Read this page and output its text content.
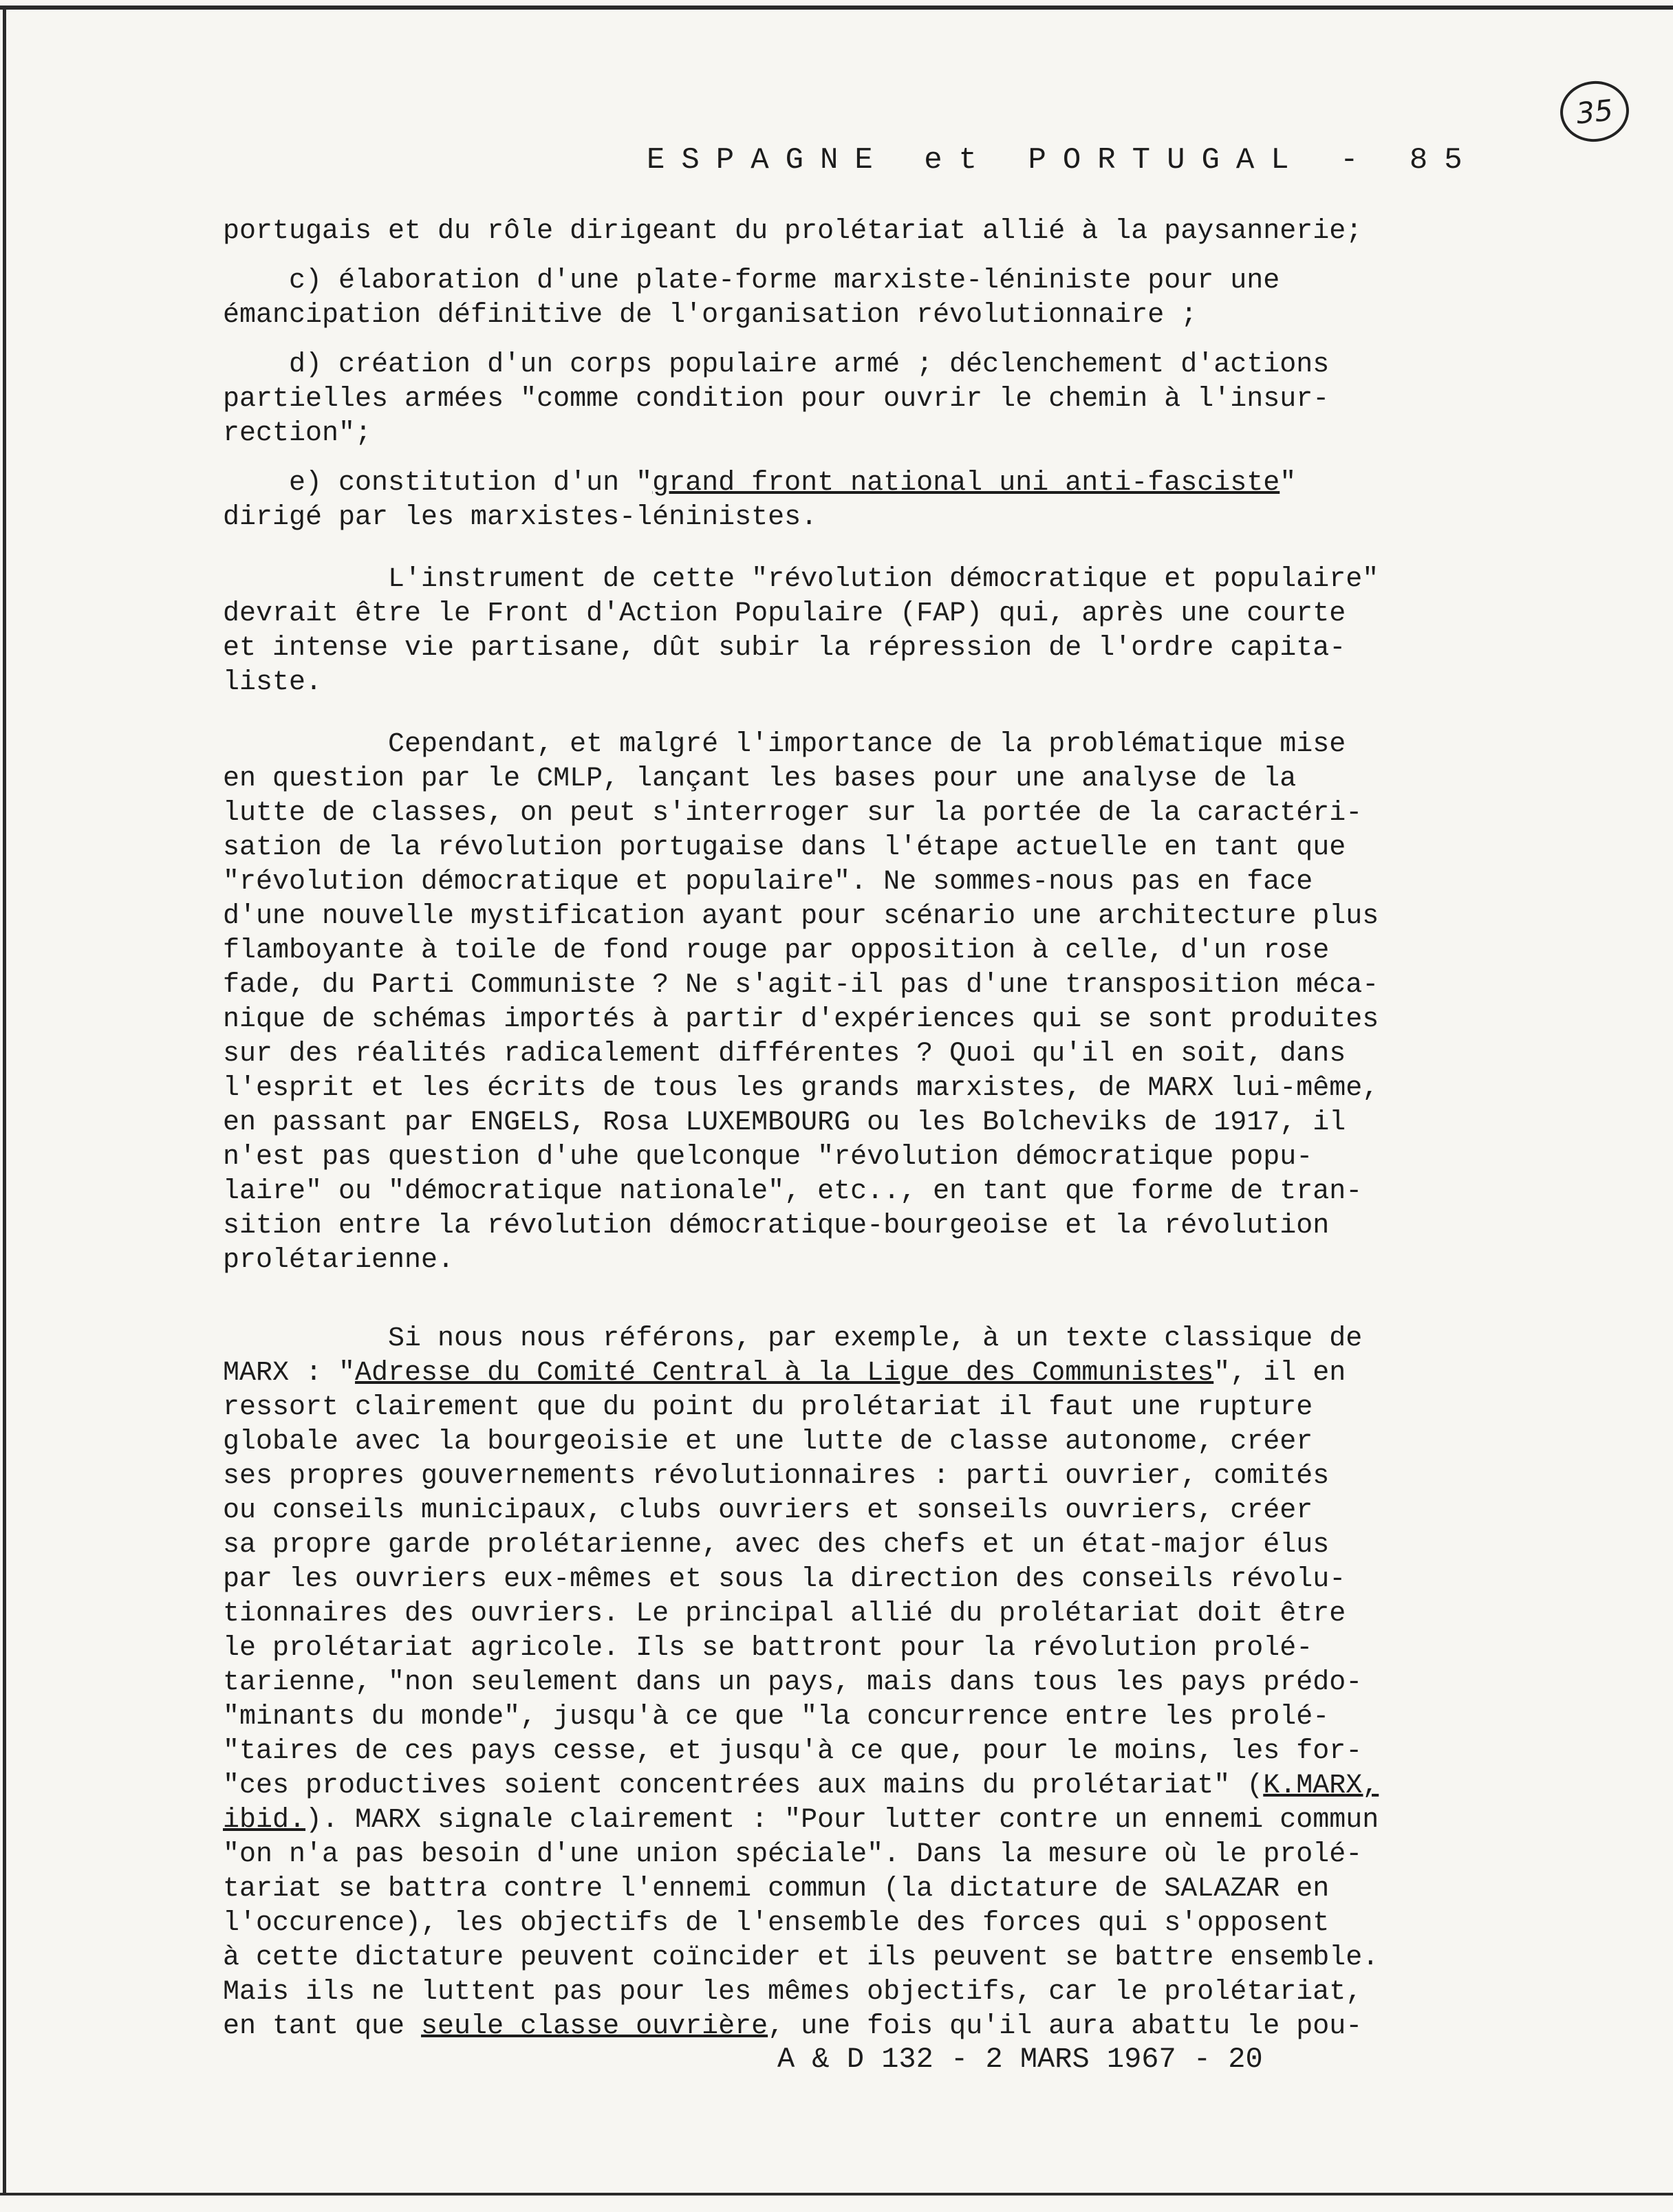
35
ESPAGNE et PORTUGAL - 85

portugais et du rôle dirigeant du prolétariat allié à la paysannerie;

c) élaboration d'une plate-forme marxiste-léniniste pour une
émancipation définitive de l'organisation révolutionnaire ;

d) création d'un corps populaire armé ; déclenchement d'actions
partielles armées "comme condition pour ouvrir le chemin à l'insur-
rection";

e) constitution d'un "grand front national uni anti-fasciste"
dirigé par les marxistes-léninistes.

L'instrument de cette "révolution démocratique et populaire"
devrait être le Front d'Action Populaire (FAP) qui, après une courte
et intense vie partisane, dût subir la répression de l'ordre capita-
liste.

Cependant, et malgré l'importance de la problématique mise
en question par le CMLP, lançant les bases pour une analyse de la
lutte de classes, on peut s'interroger sur la portée de la caractéri-
sation de la révolution portugaise dans l'étape actuelle en tant que
"révolution démocratique et populaire". Ne sommes-nous pas en face
d'une nouvelle mystification ayant pour scénario une architecture plus
flamboyante à toile de fond rouge par opposition à celle, d'un rose
fade, du Parti Communiste ? Ne s'agit-il pas d'une transposition méca-
nique de schémas importés à partir d'expériences qui se sont produites
sur des réalités radicalement différentes ? Quoi qu'il en soit, dans
l'esprit et les écrits de tous les grands marxistes, de MARX lui-même,
en passant par ENGELS, Rosa LUXEMBOURG ou les Bolcheviks de 1917, il
n'est pas question d'uhe quelconque "révolution démocratique popu-
laire" ou "démocratique nationale", etc.., en tant que forme de tran-
sition entre la révolution démocratique-bourgeoise et la révolution
prolétarienne.

Si nous nous référons, par exemple, à un texte classique de
MARX : "Adresse du Comité Central à la Ligue des Communistes", il en
ressort clairement que du point du prolétariat il faut une rupture
globale avec la bourgeoisie et une lutte de classe autonome, créer
ses propres gouvernements révolutionnaires : parti ouvrier, comités
ou conseils municipaux, clubs ouvriers et sonseils ouvriers, créer
sa propre garde prolétarienne, avec des chefs et un état-major élus
par les ouvriers eux-mêmes et sous la direction des conseils révolu-
tionnaires des ouvriers. Le principal allié du prolétariat doit être
le prolétariat agricole. Ils se battront pour la révolution prolé-
tarienne, "non seulement dans un pays, mais dans tous les pays prédo-
"minants du monde", jusqu'à ce que "la concurrence entre les prolé-
"taires de ces pays cesse, et jusqu'à ce que, pour le moins, les for-
"ces productives soient concentrées aux mains du prolétariat" (K.MARX,
ibid.). MARX signale clairement : "Pour lutter contre un ennemi commun
"on n'a pas besoin d'une union spéciale". Dans la mesure où le prolé-
tariat se battra contre l'ennemi commun (la dictature de SALAZAR en
l'occurence), les objectifs de l'ensemble des forces qui s'opposent
à cette dictature peuvent coïncider et ils peuvent se battre ensemble.
Mais ils ne luttent pas pour les mêmes objectifs, car le prolétariat,
en tant que seule classe ouvrière, une fois qu'il aura abattu le pou-

A & D 132 - 2 MARS 1967 - 20
